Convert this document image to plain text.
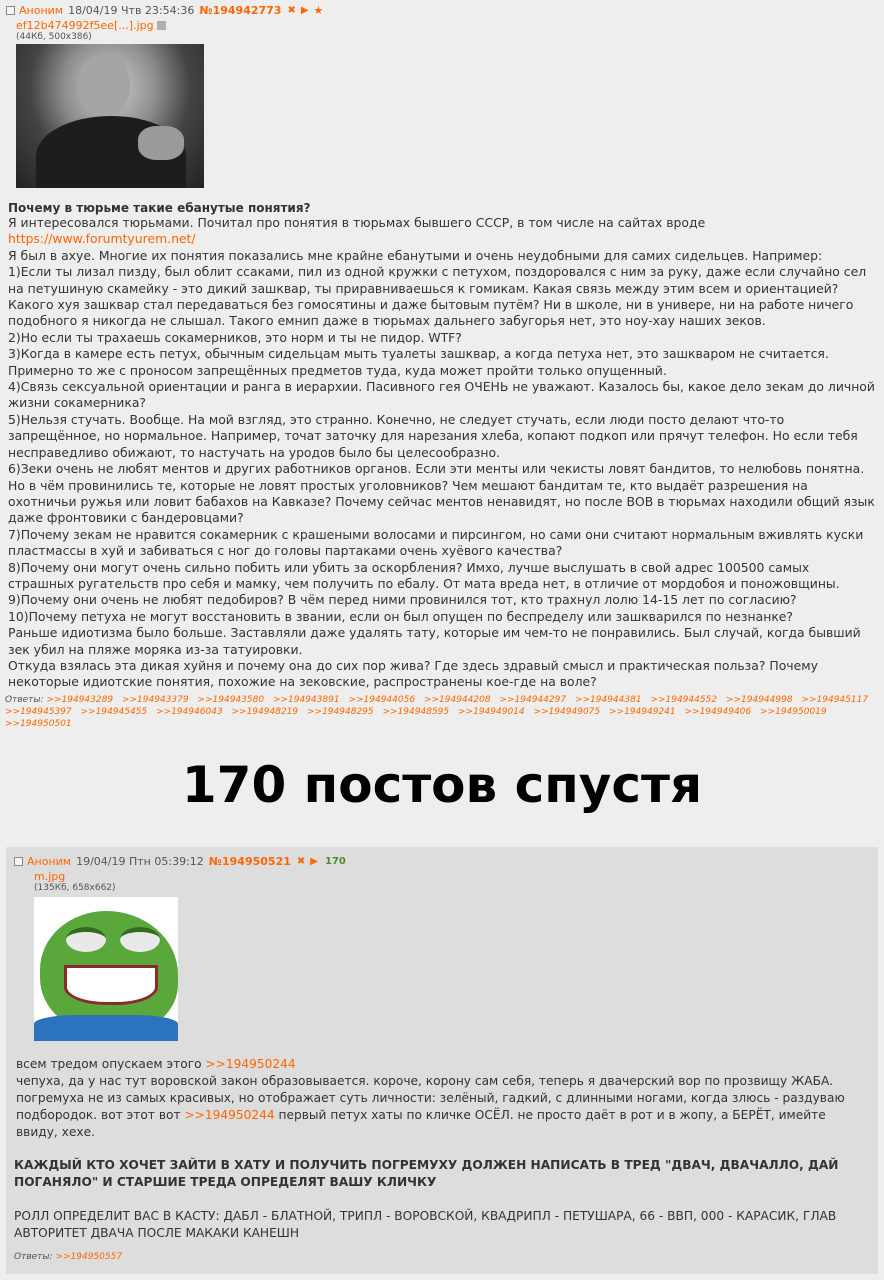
Аноним 18/04/19 Чтв 23:54:36 №194942773 ✖ ▶ ★
ef12b474992f5ee[...].jpg
(44Кб, 500x386)
Почему в тюрьме такие ебанутые понятия?

Я интересовался тюрьмами. Почитал про понятия в тюрьмах бывшего СССР, в том числе на сайтах вроде https://www.forumtyurem.net/

Я был в ахуе. Многие их понятия показались мне крайне ебанутыми и очень неудобными для самих сидельцев. Например:

1)Если ты лизал пизду, был облит ссаками, пил из одной кружки с петухом, поздоровался с ним за руку, даже если случайно сел на петушиную скамейку - это дикий зашквар, ты приравниваешься к гомикам. Какая связь между этим всем и ориентацией? Какого хуя зашквар стал передаваться без гомосятины и даже бытовым путём? Ни в школе, ни в универе, ни на работе ничего подобного я никогда не слышал. Такого емнип даже в тюрьмах дальнего забугорья нет, это ноу-хау наших зеков.

2)Но если ты трахаешь сокамерников, это норм и ты не пидор. WTF?

3)Когда в камере есть петух, обычным сидельцам мыть туалеты зашквар, а когда петуха нет, это зашкваром не считается. Примерно то же с проносом запрещённых предметов туда, куда может пройти только опущенный.

4)Связь сексуальной ориентации и ранга в иерархии. Пасивного гея ОЧЕНЬ не уважают. Казалось бы, какое дело зекам до личной жизни сокамерника?

5)Нельзя стучать. Вообще. На мой взгляд, это странно. Конечно, не следует стучать, если люди посто делают что-то запрещённое, но нормальное. Например, точат заточку для нарезания хлеба, копают подкоп или прячут телефон. Но если тебя несправедливо обижают, то настучать на уродов было бы целесообразно.

6)Зеки очень не любят ментов и других работников органов. Если эти менты или чекисты ловят бандитов, то нелюбовь понятна. Но в чём провинились те, которые не ловят простых уголовников? Чем мешают бандитам те, кто выдаёт разрешения на охотничьи ружья или ловит бабахов на Кавказе? Почему сейчас ментов ненавидят, но после ВОВ в тюрьмах находили общий язык даже фронтовики с бандеровцами?

7)Почему зекам не нравится сокамерник с крашеными волосами и пирсингом, но сами они считают нормальным вживлять куски пластмассы в хуй и забиваться с ног до головы партаками очень хуёвого качества?

8)Почему они могут очень сильно побить или убить за оскорбления? Имхо, лучше выслушать в свой адрес 100500 самых страшных ругательств про себя и мамку, чем получить по ебалу. От мата вреда нет, в отличие от мордобоя и поножовщины.

9)Почему они очень не любят педобиров? В чём перед ними провинился тот, кто трахнул лолю 14-15 лет по согласию?

10)Почему петуха не могут восстановить в звании, если он был опущен по беспределу или зашкварился по незнанке?

Раньше идиотизма было больше. Заставляли даже удалять тату, которые им чем-то не понравились. Был случай, когда бывший зек убил на пляже моряка из-за татуировки.

Откуда взялась эта дикая хуйня и почему она до сих пор жива? Где здесь здравый смысл и практическая польза? Почему некоторые идиотские понятия, похожие на зековские, распространены кое-где на воле?

Ответы: >>194943289 >>194943379 >>194943580 >>194943891 >>194944056 >>194944208 >>194944297 >>194944381 >>194944552 >>194944998 >>194945117 >>194945397 >>194945455 >>194946043 >>194948219 >>194948295 >>194948595 >>194949014 >>194949075 >>194949241 >>194949406 >>194950019 >>194950501
170 постов спустя
Аноним 19/04/19 Птн 05:39:12 №194950521 ✖ ▶ 170
m.jpg
(135Кб, 658x662)
всем тредом опускаем этого >>194950244
чепуха, да у нас тут воровской закон образовывается. короче, корону сам себя, теперь я двачерский вор по прозвищу ЖАБА.
погремуха не из самых красивых, но отображает суть личности: зелёный, гадкий, с длинными ногами, когда злюсь - раздуваю подбородок. вот этот вот >>194950244 первый петух хаты по кличке ОСЁЛ. не просто даёт в рот и в жопу, а БЕРЁТ, имейте ввиду, хехе.
КАЖДЫЙ КТО ХОЧЕТ ЗАЙТИ В ХАТУ И ПОЛУЧИТЬ ПОГРЕМУХУ ДОЛЖЕН НАПИСАТЬ В ТРЕД "ДВАЧ, ДВАЧАЛЛО, ДАЙ ПОГАНЯЛО" И СТАРШИЕ ТРЕДА ОПРЕДЕЛЯТ ВАШУ КЛИЧКУ
РОЛЛ ОПРЕДЕЛИТ ВАС В КАСТУ: ДАБЛ - БЛАТНОЙ, ТРИПЛ - ВОРОВСКОЙ, КВАДРИПЛ - ПЕТУШАРА, 66 - ВВП, 000 - КАРАСИК, ГЛАВ АВТОРИТЕТ ДВАЧА ПОСЛЕ МАКАКИ КАНЕШН
Ответы: >>194950557
